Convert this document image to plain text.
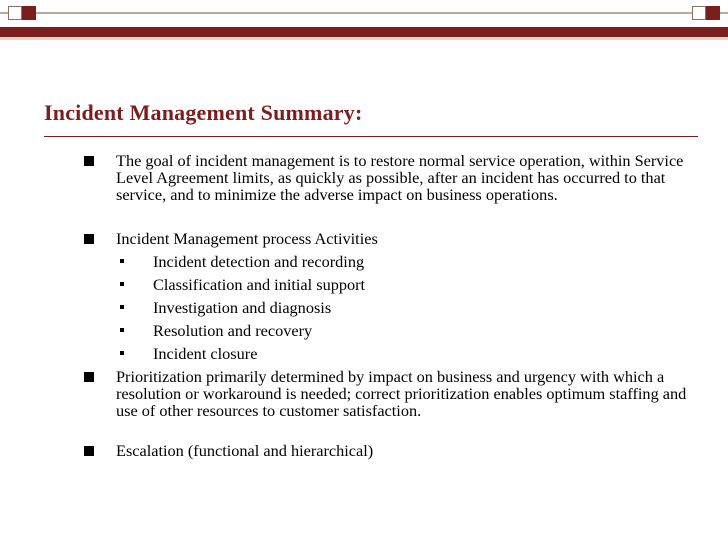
Incident Management Summary:
The goal of incident management is to restore normal service operation, within Service Level Agreement limits, as quickly as possible, after an incident has occurred to that service, and to minimize the adverse impact on business operations.
Incident Management process Activities
Incident detection and recording
Classification and initial support
Investigation and diagnosis
Resolution and recovery
Incident closure
Prioritization primarily determined by impact on business and urgency with which a resolution or workaround is needed; correct prioritization enables optimum staffing and use of other resources to customer satisfaction.
Escalation (functional and hierarchical)
